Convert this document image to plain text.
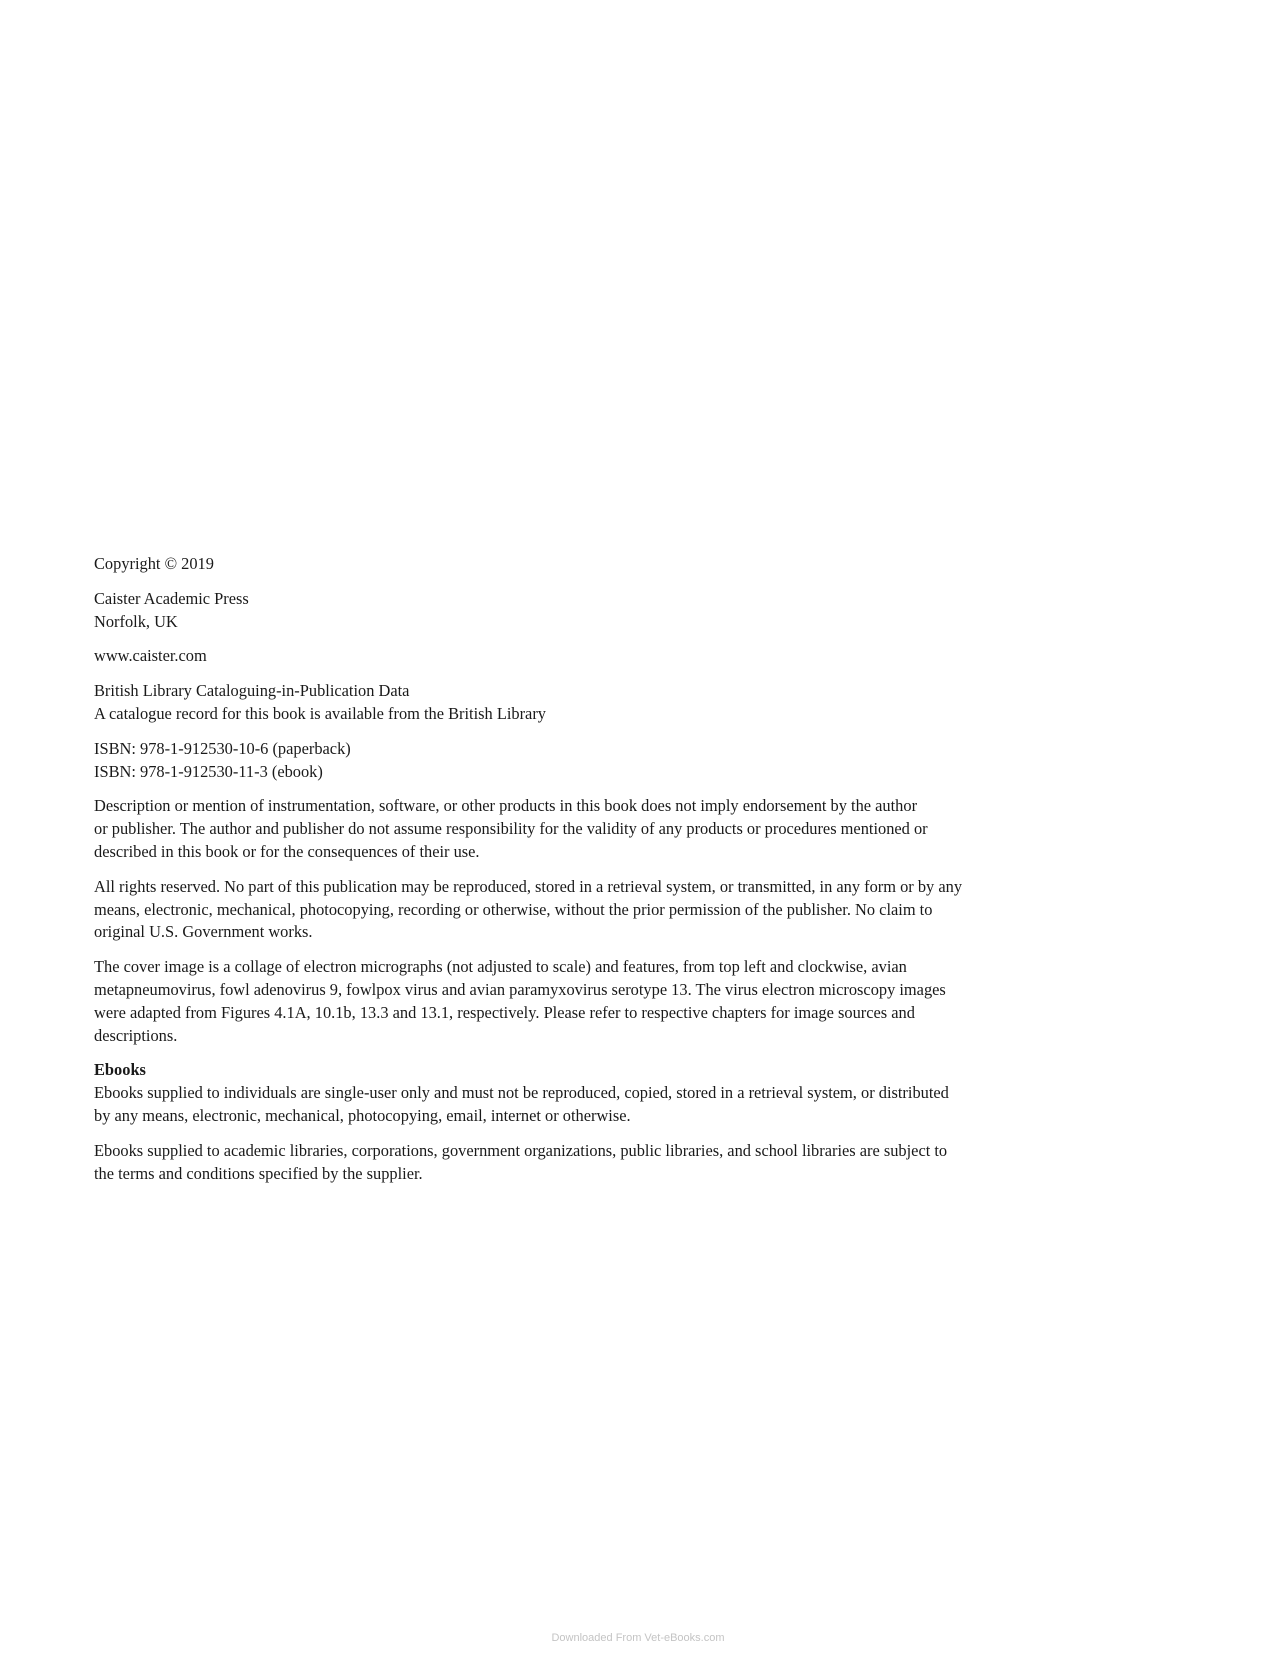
Copyright © 2019

Caister Academic Press
Norfolk, UK

www.caister.com

British Library Cataloguing-in-Publication Data
A catalogue record for this book is available from the British Library

ISBN: 978-1-912530-10-6 (paperback)
ISBN: 978-1-912530-11-3 (ebook)

Description or mention of instrumentation, software, or other products in this book does not imply endorsement by the author
or publisher. The author and publisher do not assume responsibility for the validity of any products or procedures mentioned or
described in this book or for the consequences of their use.

All rights reserved. No part of this publication may be reproduced, stored in a retrieval system, or transmitted, in any form or by any
means, electronic, mechanical, photocopying, recording or otherwise, without the prior permission of the publisher. No claim to
original U.S. Government works.

The cover image is a collage of electron micrographs (not adjusted to scale) and features, from top left and clockwise, avian
metapneumovirus, fowl adenovirus 9, fowlpox virus and avian paramyxovirus serotype 13. The virus electron microscopy images
were adapted from Figures 4.1A, 10.1b, 13.3 and 13.1, respectively. Please refer to respective chapters for image sources and
descriptions.

Ebooks
Ebooks supplied to individuals are single-user only and must not be reproduced, copied, stored in a retrieval system, or distributed
by any means, electronic, mechanical, photocopying, email, internet or otherwise.

Ebooks supplied to academic libraries, corporations, government organizations, public libraries, and school libraries are subject to
the terms and conditions specified by the supplier.

Downloaded From Vet-eBooks.com
